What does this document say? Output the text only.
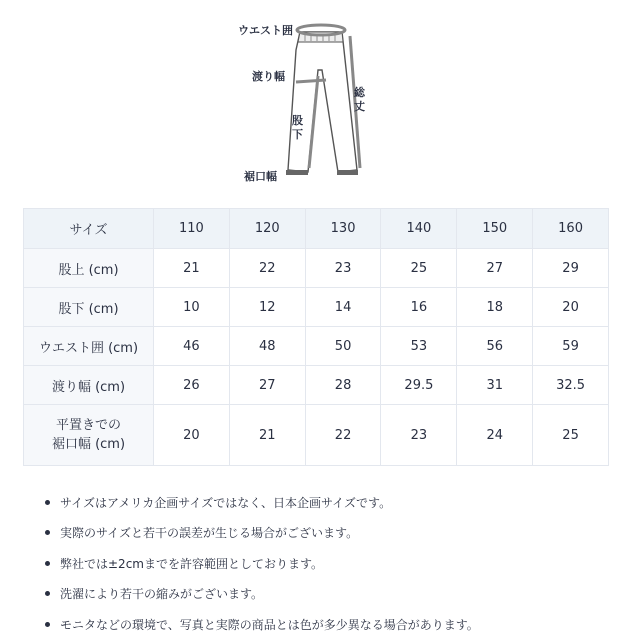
ウエスト囲
渡り幅
総丈
股下
裾口幅
サイズ	110	120	130	140	150	160
股上 (cm)	21	22	23	25	27	29
股下 (cm)	10	12	14	16	18	20
ウエスト囲 (cm)	46	48	50	53	56	59
渡り幅 (cm)	26	27	28	29.5	31	32.5
平置きでの
裾口幅 (cm)	20	21	22	23	24	25
サイズはアメリカ企画サイズではなく、日本企画サイズです。
実際のサイズと若干の誤差が生じる場合がございます。
弊社では±2cmまでを許容範囲としております。
洗濯により若干の縮みがございます。
モニタなどの環境で、写真と実際の商品とは色が多少異なる場合があります。
